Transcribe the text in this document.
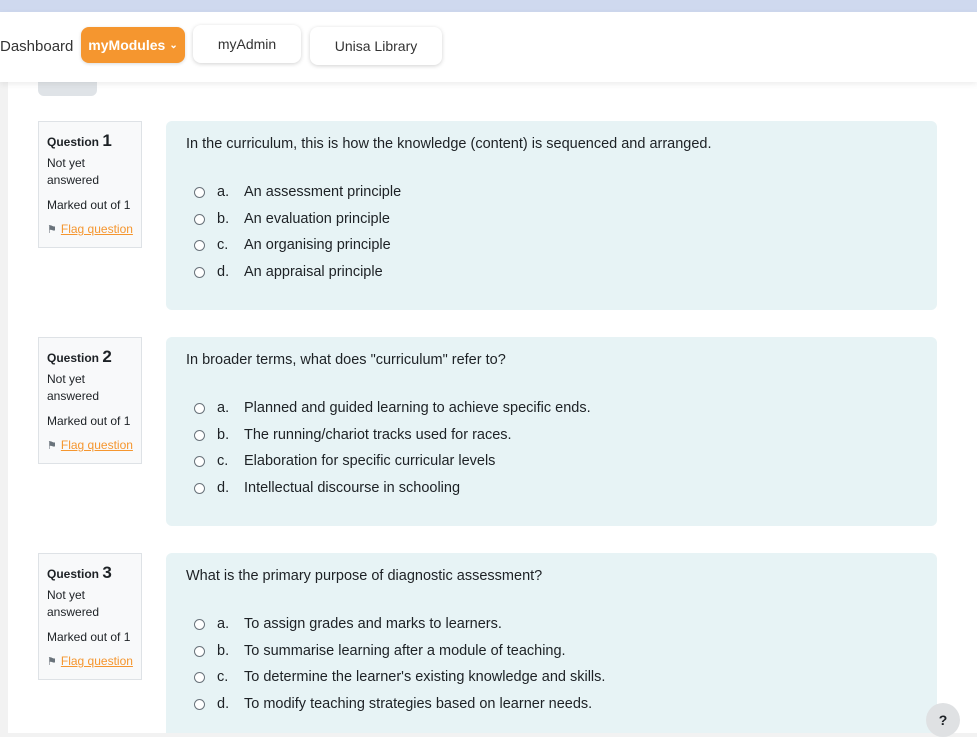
Dashboard myModules ⌄	myAdmin	Unisa Library
Question 1
Not yet answered
Marked out of 1
⚑ Flag question
In the curriculum, this is how the knowledge (content) is sequenced and arranged.
a.	An assessment principle
b.	An evaluation principle
c.	An organising principle
d.	An appraisal principle
Question 2
Not yet answered
Marked out of 1
⚑ Flag question
In broader terms, what does "curriculum" refer to?
a.	Planned and guided learning to achieve specific ends.
b.	The running/chariot tracks used for races.
c.	Elaboration for specific curricular levels
d.	Intellectual discourse in schooling
Question 3
Not yet answered
Marked out of 1
⚑ Flag question
What is the primary purpose of diagnostic assessment?
a.	To assign grades and marks to learners.
b.	To summarise learning after a module of teaching.
c.	To determine the learner's existing knowledge and skills.
d.	To modify teaching strategies based on learner needs.
?
